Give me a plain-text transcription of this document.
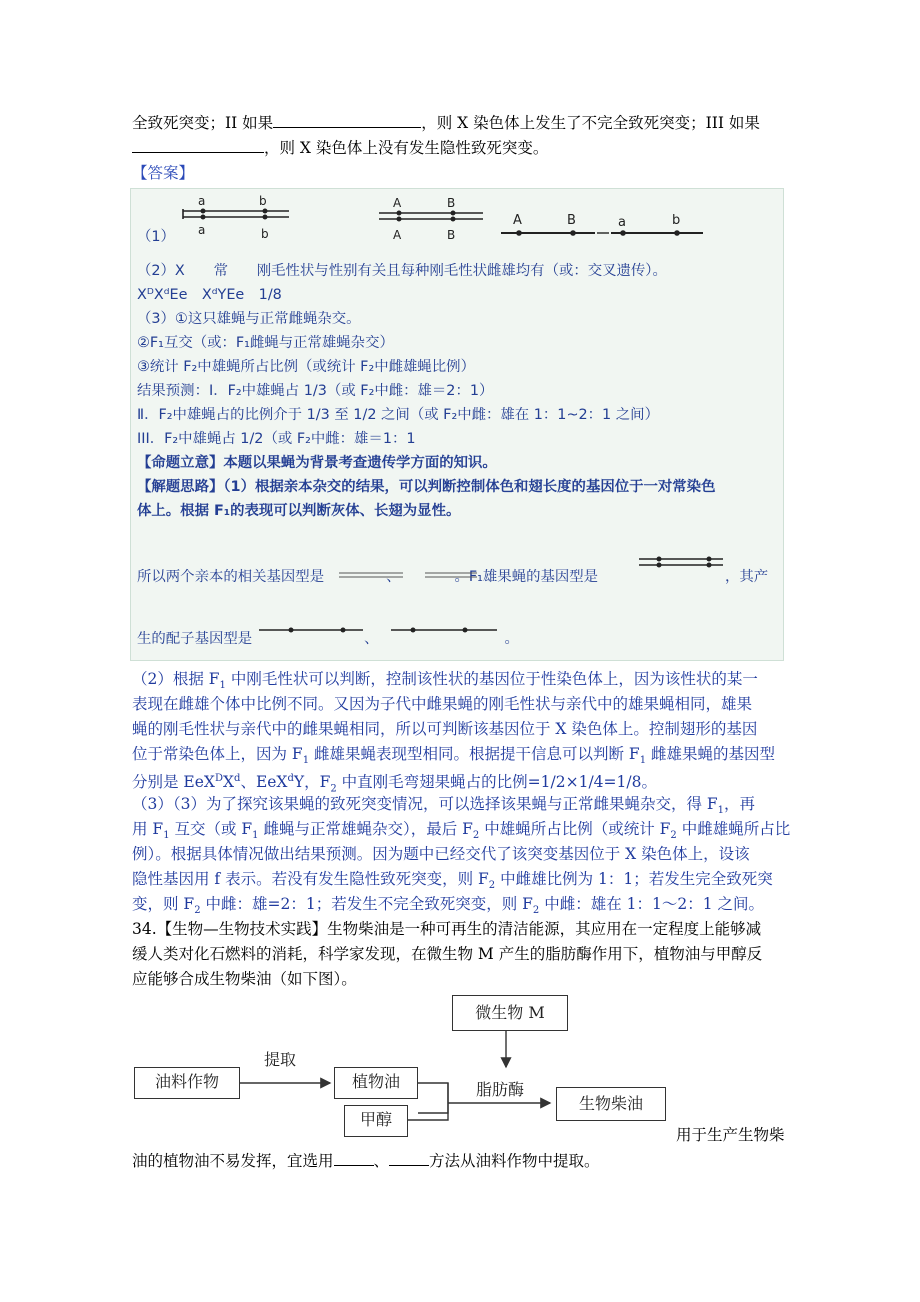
全致死突变；II 如果	，则 X 染色体上发生了不完全致死突变；III 如果
，则 X 染色体上没有发生隐性致死突变。
【答案】
a	b
a	b
A	B
A	B
A	B	a	b
（1）
（2）X　　常　　刚毛性状与性别有关且每种刚毛性状雌雄均有（或：交叉遗传）。
XᴰXᵈEe　XᵈYEe　1/8
（3）①这只雄蝇与正常雌蝇杂交。
②F₁互交（或：F₁雌蝇与正常雄蝇杂交）
③统计 F₂中雄蝇所占比例（或统计 F₂中雌雄蝇比例）
结果预测：Ⅰ．F₂中雄蝇占 1/3（或 F₂中雌：雄＝2：1）
Ⅱ．F₂中雄蝇占的比例介于 1/3 至 1/2 之间（或 F₂中雌：雄在 1：1~2：1 之间）
III．F₂中雄蝇占 1/2（或 F₂中雌：雄＝1：1
【命题立意】本题以果蝇为背景考查遗传学方面的知识。
【解题思路】（1）根据亲本杂交的结果，可以判断控制体色和翅长度的基因位于一对常染色
体上。根据 F₁的表现可以判断灰体、长翅为显性。
所以两个亲本的相关基因型是	、	。F₁雄果蝇的基因型是	，其产
生的配子基因型是	、	。
（2）根据 $F_1$ 中刚毛性状可以判断，控制该性状的基因位于性染色体上，因为该性状的某一
表现在雌雄个体中比例不同。又因为子代中雌果蝇的刚毛性状与亲代中的雄果蝇相同，雄果
蝇的刚毛性状与亲代中的雌果蝇相同，所以可判断该基因位于 X 染色体上。控制翅形的基因
位于常染色体上，因为 $F_1$ 雌雄果蝇表现型相同。根据提干信息可以判断 $F_1$ 雌雄果蝇的基因型
分别是 $EeX^DX^d$、EeX$^d$Y，$F_2$ 中直刚毛弯翅果蝇占的比例=1/2×1/4=1/8。
（3）（3）为了探究该果蝇的致死突变情况，可以选择该果蝇与正常雌果蝇杂交，得 $F_1$，再
用 $F_1$ 互交（或 $F_1$ 雌蝇与正常雄蝇杂交），最后 $F_2$ 中雄蝇所占比例（或统计 $F_2$ 中雌雄蝇所占比
例）。根据具体情况做出结果预测。因为题中已经交代了该突变基因位于 X 染色体上，设该
隐性基因用 f 表示。若没有发生隐性致死突变，则 $F_2$ 中雌雄比例为 1：1；若发生完全致死突
变，则 $F_2$ 中雌：雄=2：1；若发生不完全致死突变，则 $F_2$ 中雌：雄在 1：1～2：1 之间。
34.【生物—生物技术实践】生物柴油是一种可再生的清洁能源，其应用在一定程度上能够减
缓人类对化石燃料的消耗，科学家发现，在微生物 M 产生的脂肪酶作用下，植物油与甲醇反
应能够合成生物柴油（如下图）。
油料作物
提取
植物油
微生物 M
脂肪酶
生物柴油
甲醇
用于生产生物柴
油的植物油不易发挥，宜选用	、	方法从油料作物中提取。
